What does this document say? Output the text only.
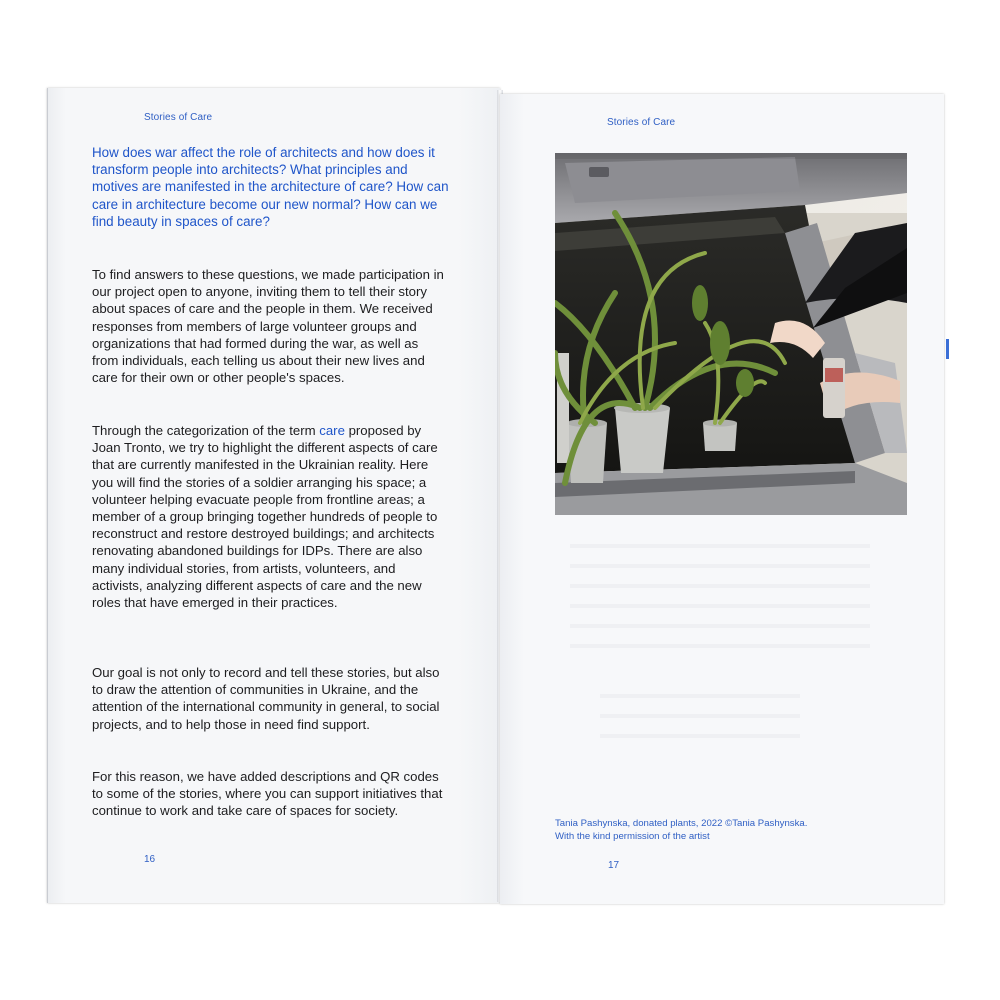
Stories of Care

How does war affect the role of architects and how does it transform people into architects? What principles and motives are manifested in the architecture of care? How can care in architecture become our new normal? How can we find beauty in spaces of care?

To find answers to these questions, we made participation in our project open to anyone, inviting them to tell their story about spaces of care and the people in them. We received responses from members of large volunteer groups and organizations that had formed during the war, as well as from individuals, each telling us about their new lives and care for their own or other people's spaces.

Through the categorization of the term care proposed by Joan Tronto, we try to highlight the different aspects of care that are currently manifested in the Ukrainian reality. Here you will find the stories of a soldier arranging his space; a volunteer helping evacuate people from frontline areas; a member of a group bringing together hundreds of people to reconstruct and restore destroyed buildings; and architects renovating abandoned buildings for IDPs. There are also many individual stories, from artists, volunteers, and activists, analyzing different aspects of care and the new roles that have emerged in their practices.

Our goal is not only to record and tell these stories, but also to draw the attention of communities in Ukraine, and the attention of the international community in general, to social projects, and to help those in need find support.

For this reason, we have added descriptions and QR codes to some of the stories, where you can support initiatives that continue to work and take care of spaces for society.

16
Stories of Care

Tania Pashynska, donated plants, 2022 ©Tania Pashynska.
With the kind permission of the artist

17
